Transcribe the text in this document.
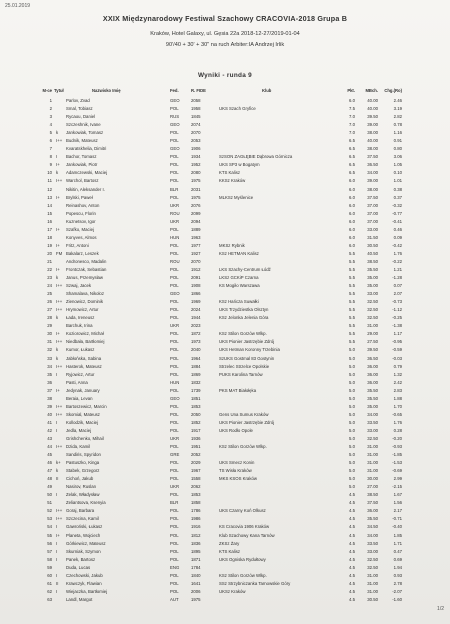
25.01.2019
XXIX Międzynarodowy Festiwal Szachowy CRACOVIA-2018 Grupa B
Kraków, Hotel Galaxy, ul. Gęsia 22a 2018-12-27/2019-01-04
90'/40 + 30' + 30" na ruch Arbiter:IA Andrzej Irlik
Wyniki - runda 9
M-ce Tytuł	Nazwisko Imię	Fed.	R. FIDE	Klub	Pkt.	MBch.	Chg.(Ro)
1	Parlov, Zvad	GEO	2058	6.0	40.00	2.46
2	Smal, Tobiasz	POL	1958	UKS Szach Gryfice	7.5	40.00	3.19
3	Rycaou, Daniel	RUS	1845	7.0	39.50	2.82
4	Szczeshnik, Ivane	GEO	2074	7.0	39.00	0.78
5 k	Jankowiak, Tomasz	POL	2070	7.0	38.00	1.16
6 I++ Budnik, Mateusz	POL	2053	6.5	40.00	0.91
7	Kvaratskhelia, Dimitri	GEO	1906	6.5	38.00	0.80
8 I	Bachor, Tomasz	POL	1934	SzSON ZAGŁĘBIE Dąbrowa Górnicza	6.5	37.50	3.06
9 I+	Jankowiak, Piotr	POL	1952	UKS SP3 w Bogatym	6.5	36.50	1.05
10 k	Adamczewski, Maciej	POL	2080	KTS Kalisz	6.5	34.00	0.10
11 I++ Warchol, Bartosz	POL	1975	KKSz Kraków	6.0	39.00	1.01
12	Nikitin, Aleksander I.	BLR	2031	6.0	38.00	0.38
13 I+	Brylski, Paweł	POL	1975	MLKSz Myślenice	6.0	37.50	0.37
14	Reinashov, Anton	UKR	2076	6.0	37.00	-0.32
15	Popescu, Florin	ROU	2099	6.0	37.00	-0.77
16	Kuznetsov, Igor	UKR	2094	6.0	37.00	-0.41
17 I+	Szafko, Maciej	POL	1889	6.0	33.00	0.46
18	Konyves, Almos	HUN	1963	6.0	31.50	0.09
19 I+	Fritz, Antoni	POL	1977	MKSz Rybnik	6.0	30.50	-0.42
20 FM Bakalarz, Leszek	POL	1927	KSz HETMAN Kalisz	5.5	40.50	1.76
21	Andronesco, Madalin	ROU	2070	5.5	38.50	-0.22
22 I+	Frontczak, Sebastian	POL	1912	LKS Szachy-Centrum Łódź	5.5	35.50	1.21
23 k	Janus, Przemysław	POL	2091	LKSz GCKiP Czarna	5.5	35.00	-1.28
24 I++ Szwaj, Jacek	POL	1908	KS Mogiło Warszawa	5.5	35.00	0.07
25	Shamalava, Nikoloz	GEO	1866	5.5	33.00	2.07
26 I++ Zienowicz, Dominik	POL	1969	KSz Hańcza Suwałki	5.5	32.50	-0.73
27 I++ Hrymowicz, Artur	POL	2024	UKS Trzydziestka Olsztyn	5.5	32.50	-1.12
28 k	Łada, Ireneusz	POL	1944	KSz Jelonka Jelenia Góra	5.5	32.50	-0.25
29	Barchuk, Irina	UKR	2023	5.5	31.00	-1.38
30 I+	Koziorowicz, Michał	POL	1872	KSz Stilon Gorzów Wlkp.	5.5	29.00	1.17
31 I++ Niedbała, Bartłomiej	POL	1973	UKS Pionier Jastrzębie Zdrój	5.5	27.50	-0.95
32 k	Kumor, Łukasz	POL	2040	UKS Hetman Koronny Trzebinia	5.0	39.50	-0.59
33 k	Jabłońska, Sabina	POL	1964	SzUKS Gostmal 83 Gostynin	5.0	36.50	-0.03
34 I++ Hasterok, Mateusz	POL	1884	Strzelec Strzelce Opolskie	5.0	36.00	0.79
35 I	Ryjowicz, Artur	POL	1869	PUKS Karolina Tarnów	5.0	36.00	1.32
36	Pasti, Anna	HUN	1832	5.0	36.00	2.42
37 I+	Jedynak, January	POL	1739	PKS MAT Białołęka	5.0	35.50	2.83
38	Beraia, Levan	GEO	1851	5.0	35.50	1.88
39 I++ Bartoszewicz, Marcin	POL	1853	5.0	35.00	1.70
40 I++ Skomial, Mateusz	POL	2050	Gens Una Sumus Kraków	5.0	34.00	-0.65
41 I	Kollodzik, Maciej	POL	1852	UKS Pionier Jastrzębie Zdrój	5.0	33.50	1.76
42 I	Jedla, Maciej	POL	1917	UKS Rodło Opole	5.0	33.00	0.28
43	Grishchenko, Mihail	UKR	1936	5.0	32.50	-0.20
44 I++ Dzida, Kamil	POL	1951	KSz Stilon Gorzów Wlkp.	5.0	31.00	-0.93
45	Sandiris, Spyridon	GRE	2052	5.0	31.00	-1.85
46 k+	Pastuszko, Kinga	POL	2029	UKS Smecz Konin	5.0	31.00	-1.53
47 k	Stabek, Grzegorz	POL	1967	TS Wisła Kraków	5.0	31.00	-0.69
48 II	Cichoń, Jakub	POL	1558	MKS KSOS Kraków	5.0	30.00	2.99
49	Nasirov, Ruslan	UKR	2062	5.0	27.00	-2.15
50 I	Zelak, Władysław	POL	1853	4.5	38.50	1.67
51	Zeliantsova, Ksenyia	BLR	1858	4.5	37.50	1.56
52 I++ Goraj, Barbara	POL	1786	UKS Czarny Koń Olkusz	4.5	36.00	2.17
53 I++ Szczecina, Kamil	POL	1986	4.5	35.50	-0.71
54 I	Gawroński, Łukasz	POL	1916	KS Cracovia 1906 Kraków	4.5	34.50	-0.40
55 I+	Planeta, Wojciech	POL	1812	Klub Szachowy Kana Tarnów	4.5	34.00	1.85
56 I	Górkiewicz, Mateusz	POL	1836	ZKSz Żary	4.5	33.50	1.71
57 I	Skurniak, Szymon	POL	1895	KTS Kalisz	4.5	33.00	0.47
58 I	Panek, Bartosz	POL	1871	UKS Ogniska Rydułtowy	4.5	32.50	0.69
59	Duda, Lucas	ENG	1784	4.5	32.50	1.94
60 I	Czechowski, Jakub	POL	1840	KSz Stilon Gorzów Wlkp.	4.5	31.00	0.93
61 II	Krawczyk, Flawian	POL	1641	SSz Strzybniczanka Tarnowskie Góry	4.5	31.00	2.78
62 I	Wiejaczka, Bartłomiej	POL	2006	UKSz Kraków	4.5	31.00	-2.07
63	Landl, Margot	AUT	1975	4.5	30.50	-1.60
1/2
